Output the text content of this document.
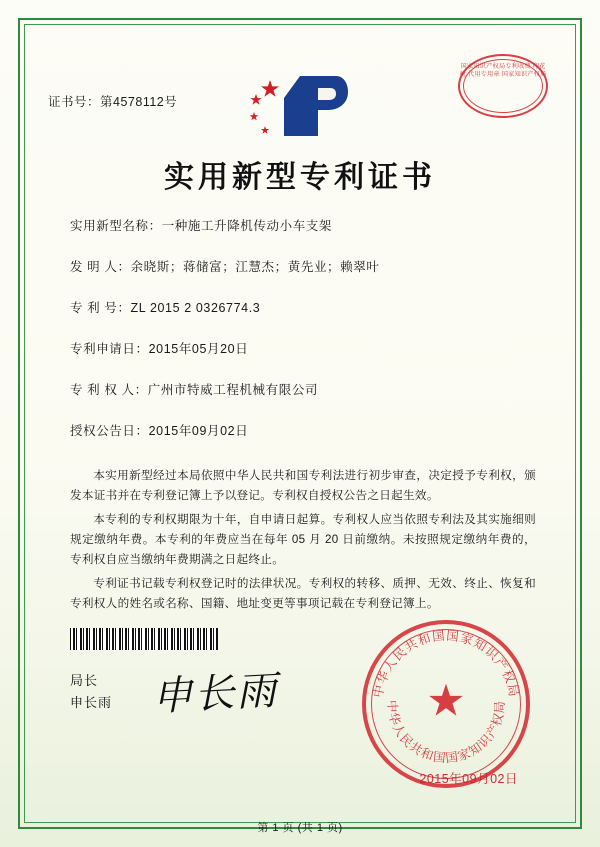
证书号：第4578112号
国家知识产权局专利收费 印花税 代用专用章 国家知识产权局
实用新型专利证书
实用新型名称：一种施工升降机传动小车支架
发 明 人：余晓斯；蒋储富；江慧杰；黄先业；赖翠叶
专 利 号：ZL 2015 2 0326774.3
专利申请日：2015年05月20日
专 利 权 人：广州市特威工程机械有限公司
授权公告日：2015年09月02日

本实用新型经过本局依照中华人民共和国专利法进行初步审查，决定授予专利权，颁发本证书并在专利登记簿上予以登记。专利权自授权公告之日起生效。

本专利的专利权期限为十年，自申请日起算。专利权人应当依照专利法及其实施细则规定缴纳年费。本专利的年费应当在每年 05 月 20 日前缴纳。未按照规定缴纳年费的，专利权自应当缴纳年费期满之日起终止。

专利证书记载专利权登记时的法律状况。专利权的转移、质押、无效、终止、恢复和专利权人的姓名或名称、国籍、地址变更等事项记载在专利登记簿上。

局长
申长雨 申长雨	★
中华人民共和国国家知识产权局
中华人民共和国国家知识产权局
2015年09月02日
第 1 页 (共 1 页)
